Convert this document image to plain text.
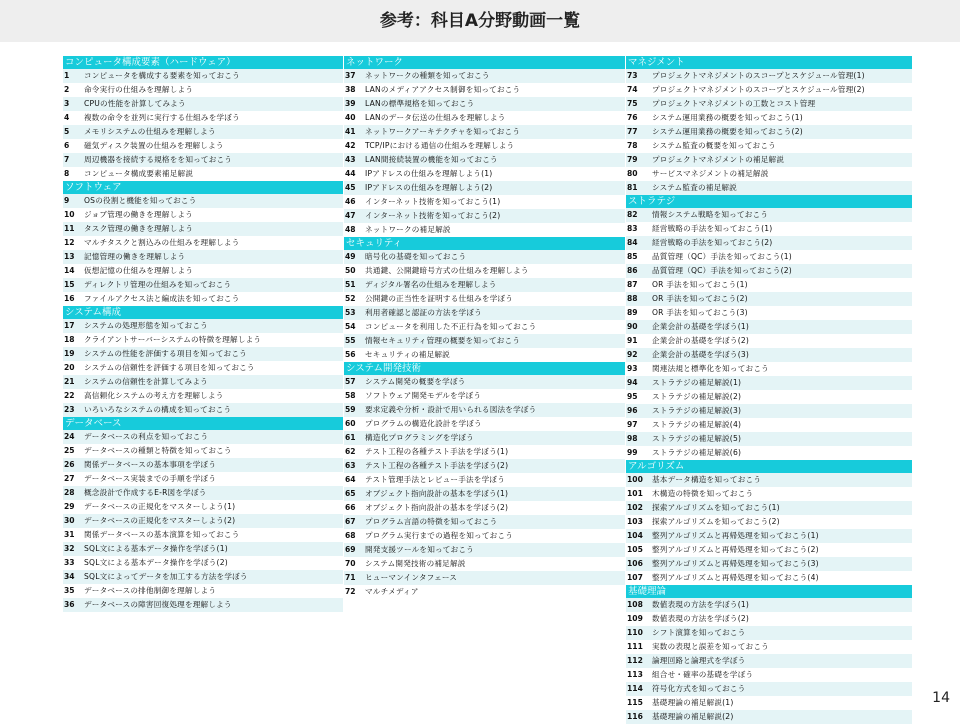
参考：科目A分野動画一覧
コンピュータ構成要素（ハードウェア）
1	コンピュータを構成する要素を知っておこう
2	命令実行の仕組みを理解しよう
3	CPUの性能を計算してみよう
4	複数の命令を並列に実行する仕組みを学ぼう
5	メモリシステムの仕組みを理解しよう
6	磁気ディスク装置の仕組みを理解しよう
7	周辺機器を接続する規格をを知っておこう
8	コンピュータ構成要素補足解説
ソフトウェア
9	OSの役割と機能を知っておこう
10	ジョブ管理の働きを理解しよう
11	タスク管理の働きを理解しよう
12	マルチタスクと割込みの仕組みを理解しよう
13	記憶管理の働きを理解しよう
14	仮想記憶の仕組みを理解しよう
15	ディレクトリ管理の仕組みを知っておこう
16	ファイルアクセス法と編成法を知っておこう
システム構成
17	システムの処理形態を知っておこう
18	クライアントサーバーシステムの特徴を理解しよう
19	システムの性能を評価する項目を知っておこう
20	システムの信頼性を評価する項目を知っておこう
21	システムの信頼性を計算してみよう
22	高信頼化システムの考え方を理解しよう
23	いろいろなシステムの構成を知っておこう
データベース
24	データベースの利点を知っておこう
25	データベースの種類と特徴を知っておこう
26	関係データベースの基本事項を学ぼう
27	データベース実装までの手順を学ぼう
28	概念設計で作成するE-R図を学ぼう
29	データベースの正規化をマスターしよう(1)
30	データベースの正規化をマスターしよう(2)
31	関係データベースの基本演算を知っておこう
32	SQL文による基本データ操作を学ぼう(1)
33	SQL文による基本データ操作を学ぼう(2)
34	SQL文によってデータを加工する方法を学ぼう
35	データベースの排他制御を理解しよう
36	データベースの障害回復処理を理解しよう
ネットワーク
37	ネットワークの種類を知っておこう
38	LANのメディアアクセス制御を知っておこう
39	LANの標準規格を知っておこう
40	LANのデータ伝送の仕組みを理解しよう
41	ネットワークアーキテクチャを知っておこう
42	TCP/IPにおける通信の仕組みを理解しよう
43	LAN間接続装置の機能を知っておこう
44	IPアドレスの仕組みを理解しよう(1)
45	IPアドレスの仕組みを理解しよう(2)
46	インターネット技術を知っておこう(1)
47	インターネット技術を知っておこう(2)
48	ネットワークの補足解説
セキュリティ
49	暗号化の基礎を知っておこう
50	共通鍵、公開鍵暗号方式の仕組みを理解しよう
51	ディジタル署名の仕組みを理解しよう
52	公開鍵の正当性を証明する仕組みを学ぼう
53	利用者確認と認証の方法を学ぼう
54	コンピュータを利用した不正行為を知っておこう
55	情報セキュリティ管理の概要を知っておこう
56	セキュリティの補足解説
システム開発技術
57	システム開発の概要を学ぼう
58	ソフトウェア開発モデルを学ぼう
59	要求定義や分析・設計で用いられる図法を学ぼう
60	プログラムの構造化設計を学ぼう
61	構造化プログラミングを学ぼう
62	テスト工程の各種テスト手法を学ぼう(1)
63	テスト工程の各種テスト手法を学ぼう(2)
64	テスト管理手法とレビュー手法を学ぼう
65	オブジェクト指向設計の基本を学ぼう(1)
66	オブジェクト指向設計の基本を学ぼう(2)
67	プログラム言語の特徴を知っておこう
68	プログラム実行までの過程を知っておこう
69	開発支援ツールを知っておこう
70	システム開発技術の補足解説
71	ヒューマンインタフェース
72	マルチメディア
マネジメント
73	プロジェクトマネジメントのスコープとスケジュール管理(1)
74	プロジェクトマネジメントのスコープとスケジュール管理(2)
75	プロジェクトマネジメントの工数とコスト管理
76	システム運用業務の概要を知っておこう(1)
77	システム運用業務の概要を知っておこう(2)
78	システム監査の概要を知っておこう
79	プロジェクトマネジメントの補足解説
80	サービスマネジメントの補足解説
81	システム監査の補足解説
ストラテジ
82	情報システム戦略を知っておこう
83	経営戦略の手法を知っておこう(1)
84	経営戦略の手法を知っておこう(2)
85	品質管理（QC）手法を知っておこう(1)
86	品質管理（QC）手法を知っておこう(2)
87	OR 手法を知っておこう(1)
88	OR 手法を知っておこう(2)
89	OR 手法を知っておこう(3)
90	企業会計の基礎を学ぼう(1)
91	企業会計の基礎を学ぼう(2)
92	企業会計の基礎を学ぼう(3)
93	関連法規と標準化を知っておこう
94	ストラテジの補足解説(1)
95	ストラテジの補足解説(2)
96	ストラテジの補足解説(3)
97	ストラテジの補足解説(4)
98	ストラテジの補足解説(5)
99	ストラテジの補足解説(6)
アルゴリズム
100	基本データ構造を知っておこう
101	木構造の特徴を知っておこう
102	探索アルゴリズムを知っておこう(1)
103	探索アルゴリズムを知っておこう(2)
104	整列アルゴリズムと再帰処理を知っておこう(1)
105	整列アルゴリズムと再帰処理を知っておこう(2)
106	整列アルゴリズムと再帰処理を知っておこう(3)
107	整列アルゴリズムと再帰処理を知っておこう(4)
基礎理論
108	数値表現の方法を学ぼう(1)
109	数値表現の方法を学ぼう(2)
110	シフト演算を知っておこう
111	実数の表現と誤差を知っておこう
112	論理回路と論理式を学ぼう
113	組合せ・確率の基礎を学ぼう
114	符号化方式を知っておこう
115	基礎理論の補足解説(1)
116	基礎理論の補足解説(2)
14
